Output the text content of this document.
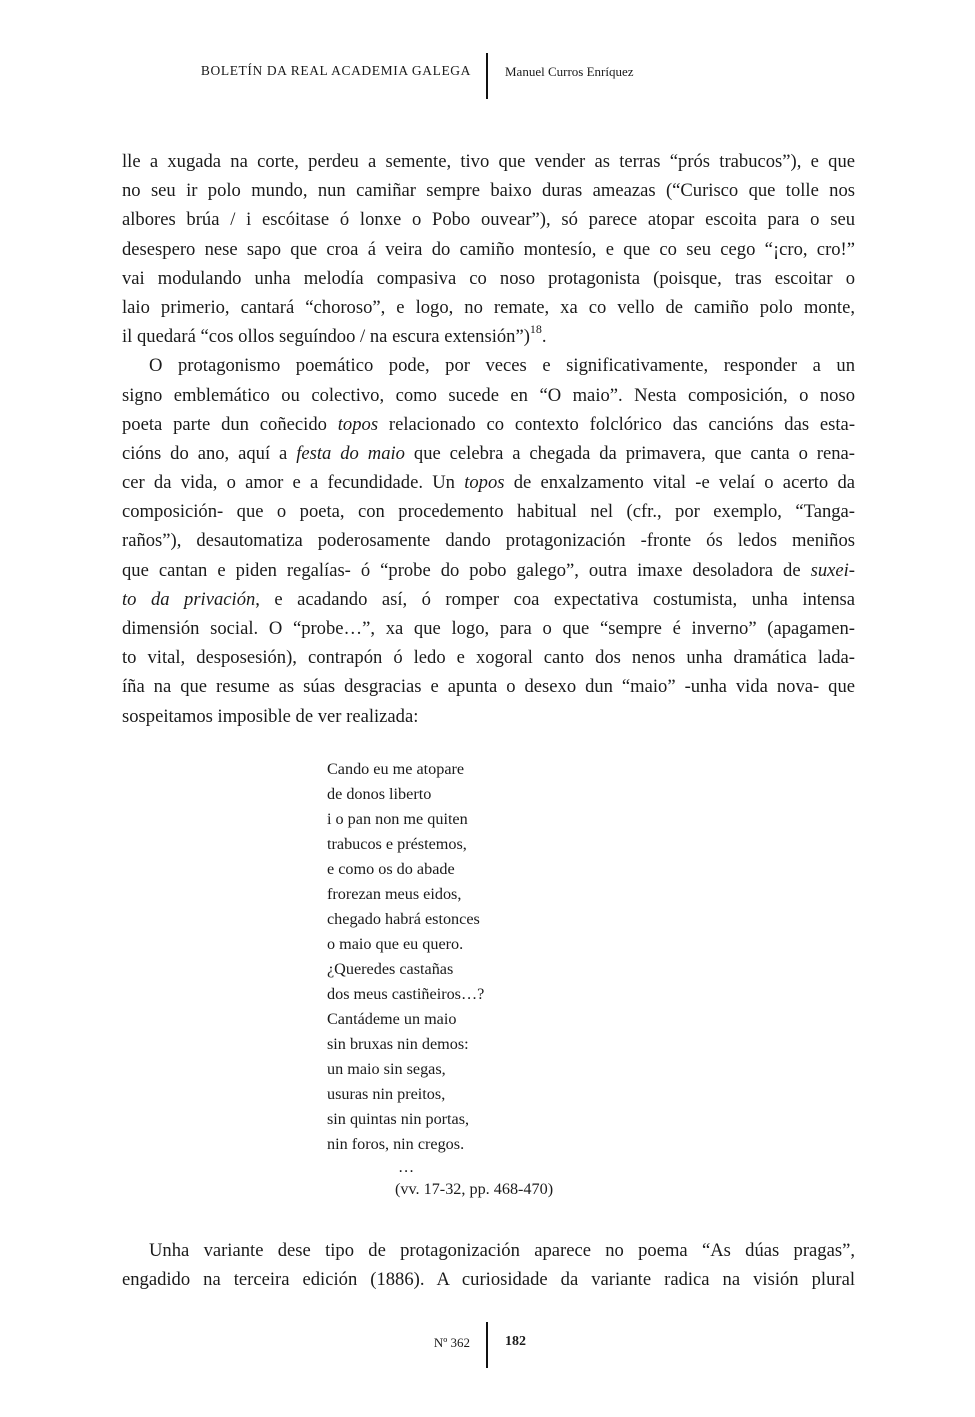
BOLETÍN DA REAL ACADEMIA GALEGA	Manuel Curros Enríquez
lle a xugada na corte, perdeu a semente, tivo que vender as terras “prós trabucos”), e que
no seu ir polo mundo, nun camiñar sempre baixo duras ameazas (“Curisco que tolle nos
albores brúa / i escóitase ó lonxe o Pobo ouvear”), só parece atopar escoita para o seu
desespero nese sapo que croa á veira do camiño montesío, e que co seu cego “¡cro, cro!”
vai modulando unha melodía compasiva co noso protagonista (poisque, tras escoitar o
laio primerio, cantará “choroso”, e logo, no remate, xa co vello de camiño polo monte,
il quedará “cos ollos seguíndoo / na escura extensión”)$^{18}$.
O protagonismo poemático pode, por veces e significativamente, responder a un
signo emblemático ou colectivo, como sucede en “O maio”. Nesta composición, o noso
poeta parte dun coñecido topos relacionado co contexto folclórico das cancións das esta-
cións do ano, aquí a festa do maio que celebra a chegada da primavera, que canta o rena-
cer da vida, o amor e a fecundidade. Un topos de enxalzamento vital -e velaí o acerto da
composición- que o poeta, con procedemento habitual nel (cfr., por exemplo, “Tanga-
raños”), desautomatiza poderosamente dando protagonización -fronte ós ledos meniños
que cantan e piden regalías- ó “probe do pobo galego”, outra imaxe desoladora de suxei-
to da privación, e acadando así, ó romper coa expectativa costumista, unha intensa
dimensión social. O “probe…”, xa que logo, para o que “sempre é inverno” (apagamen-
to vital, desposesión), contrapón ó ledo e xogoral canto dos nenos unha dramática lada-
íña na que resume as súas desgracias e apunta o desexo dun “maio” -unha vida nova- que
sospeitamos imposible de ver realizada:
Cando eu me atopare
de donos liberto
i o pan non me quiten
trabucos e préstemos,
e como os do abade
frorezan meus eidos,
chegado habrá estonces
o maio que eu quero.
¿Queredes castañas
dos meus castiñeiros…?
Cantádeme un maio
sin bruxas nin demos:
un maio sin segas,
usuras nin preitos,
sin quintas nin portas,
nin foros, nin cregos.
…
(vv. 17-32, pp. 468-470)
Unha variante dese tipo de protagonización aparece no poema “As dúas pragas”,
engadido na terceira edición (1886). A curiosidade da variante radica na visión plural
Nº 362	182
